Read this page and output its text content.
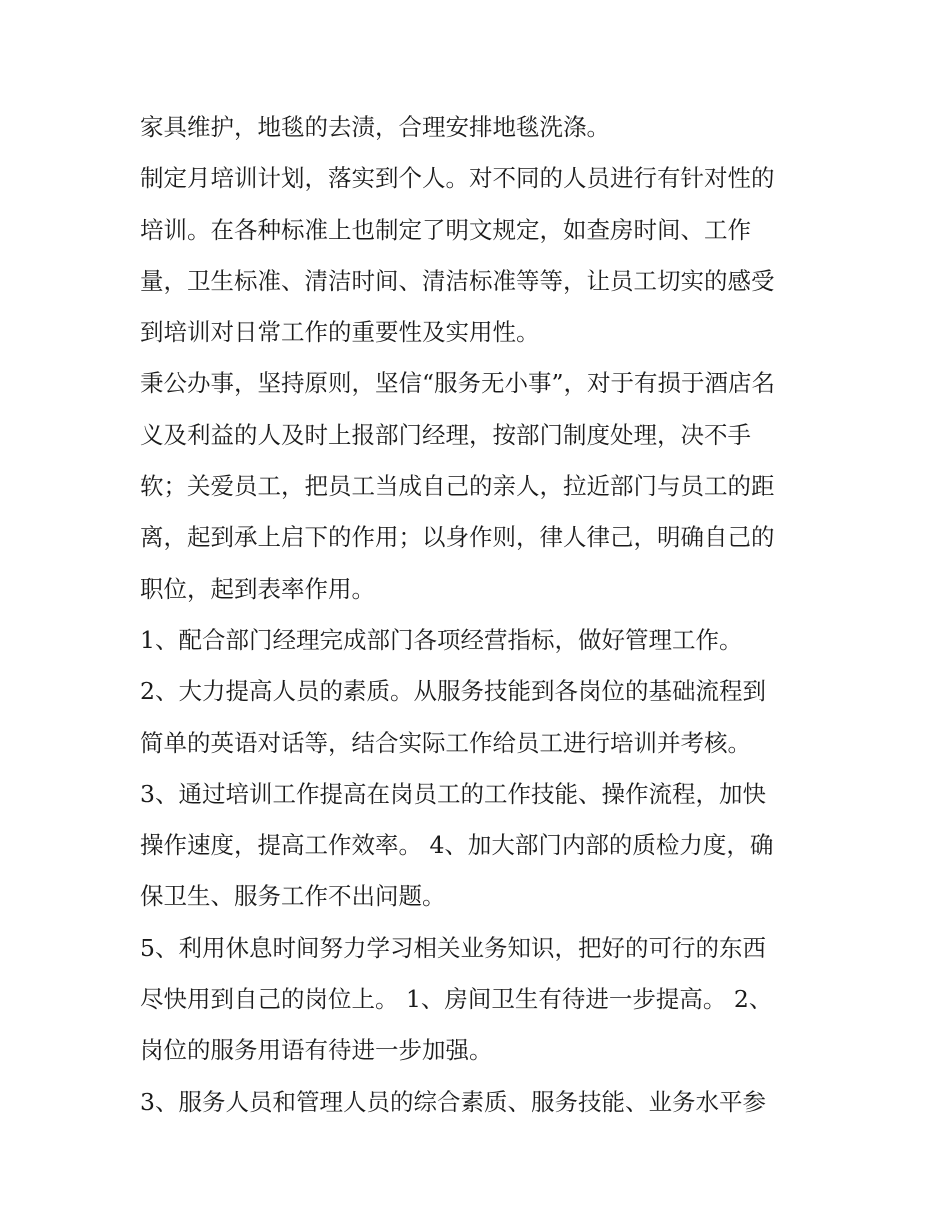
家具维护，地毯的去渍，合理安排地毯洗涤。
制定月培训计划，落实到个人。对不同的人员进行有针对性的
培训。在各种标准上也制定了明文规定，如查房时间、工作
量，卫生标准、清洁时间、清洁标准等等，让员工切实的感受
到培训对日常工作的重要性及实用性。
秉公办事，坚持原则，坚信“服务无小事”，对于有损于酒店名
义及利益的人及时上报部门经理，按部门制度处理，决不手
软；关爱员工，把员工当成自己的亲人，拉近部门与员工的距
离，起到承上启下的作用；以身作则，律人律己，明确自己的
职位，起到表率作用。
1、配合部门经理完成部门各项经营指标，做好管理工作。
2、大力提高人员的素质。从服务技能到各岗位的基础流程到
简单的英语对话等，结合实际工作给员工进行培训并考核。
3、通过培训工作提高在岗员工的工作技能、操作流程，加快
操作速度，提高工作效率。 4、加大部门内部的质检力度，确
保卫生、服务工作不出问题。
5、利用休息时间努力学习相关业务知识，把好的可行的东西
尽快用到自己的岗位上。 1、房间卫生有待进一步提高。 2、
岗位的服务用语有待进一步加强。
3、服务人员和管理人员的综合素质、服务技能、业务水平参
